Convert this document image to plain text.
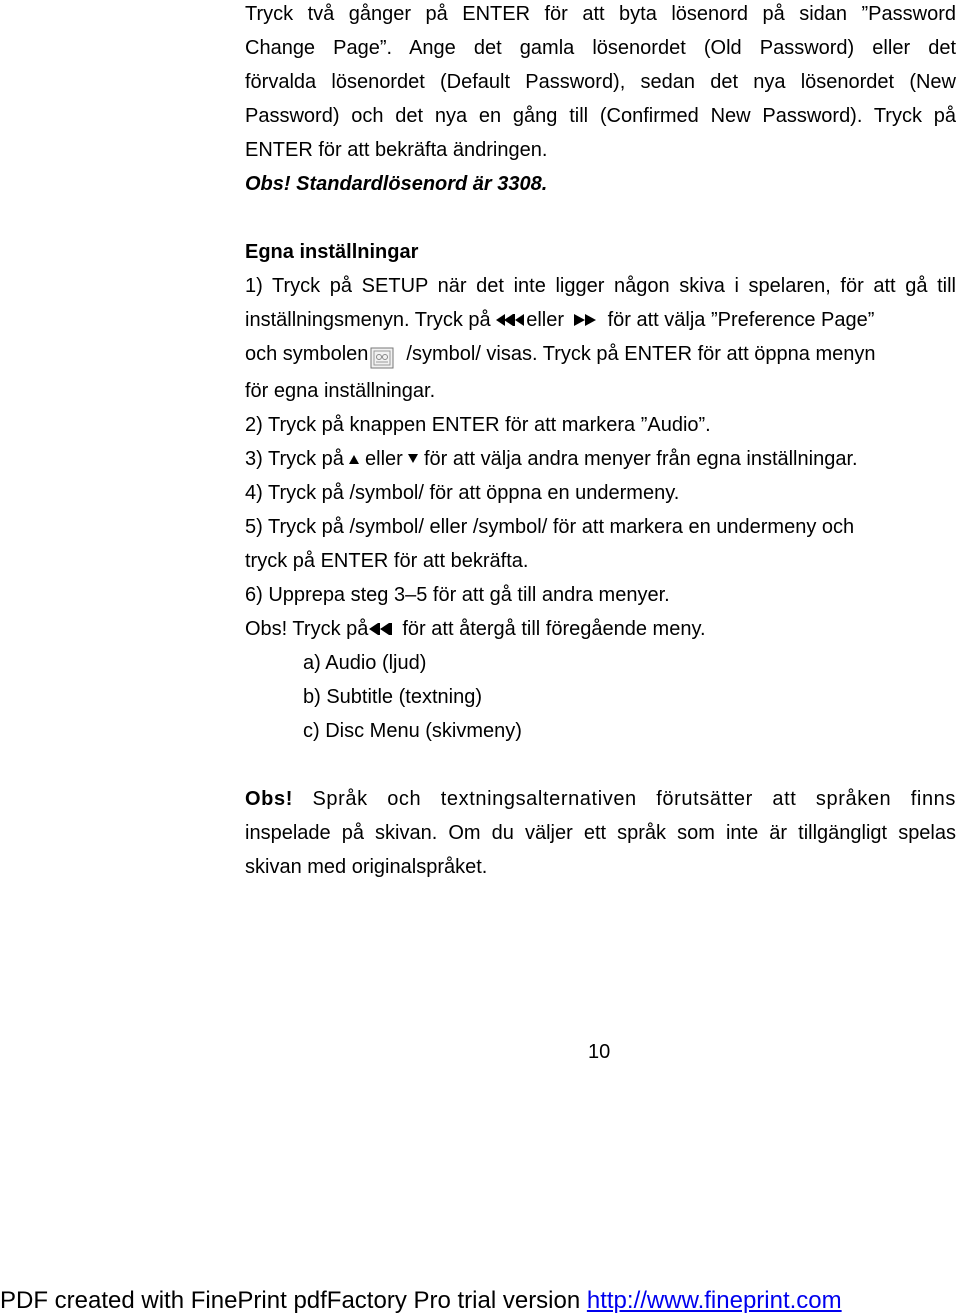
Tryck två gånger på ENTER för att byta lösenord på sidan ”Password
Change Page”. Ange det gamla lösenordet (Old Password) eller det
förvalda lösenordet (Default Password), sedan det nya lösenordet (New
Password) och det nya en gång till (Confirmed New Password). Tryck på
ENTER för att bekräfta ändringen.
Obs! Standardlösenord är 3308.
Egna inställningar
1) Tryck på SETUP när det inte ligger någon skiva i spelaren, för att gå till
inställningsmenyn. Tryck på
eller för att välja ”Preference Page”
och symbolen /symbol/ visas. Tryck på ENTER för att öppna menyn
för egna inställningar.
2) Tryck på knappen ENTER för att markera ”Audio”.
3) Tryck på eller för att välja andra menyer från egna inställningar.
4) Tryck på /symbol/ för att öppna en undermeny.
5) Tryck på /symbol/ eller /symbol/ för att markera en undermeny och
tryck på ENTER för att bekräfta.
6) Upprepa steg 3–5 för att gå till andra menyer.
Obs! Tryck på för att återgå till föregående meny.
a) Audio (ljud)
b) Subtitle (textning)
c) Disc Menu (skivmeny)
Obs! Språk och textningsalternativen förutsätter att språken finns
inspelade på skivan. Om du väljer ett språk som inte är tillgängligt spelas
skivan med originalspråket.
10
PDF created with FinePrint pdfFactory Pro trial version http://www.fineprint.com
